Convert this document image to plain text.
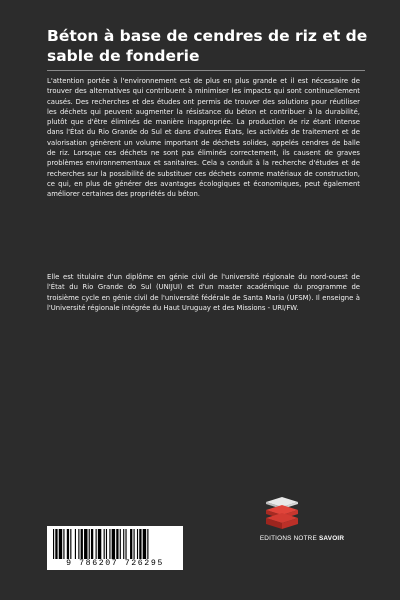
Béton à base de cendres de riz et de sable de fonderie

L'attention portée à l'environnement est de plus en plus grande et il est nécessaire de trouver des alternatives qui contribuent à minimiser les impacts qui sont continuellement causés. Des recherches et des études ont permis de trouver des solutions pour réutiliser les déchets qui peuvent augmenter la résistance du béton et contribuer à la durabilité, plutôt que d'être éliminés de manière inappropriée. La production de riz étant intense dans l'État du Rio Grande do Sul et dans d'autres États, les activités de traitement et de valorisation génèrent un volume important de déchets solides, appelés cendres de balle de riz. Lorsque ces déchets ne sont pas éliminés correctement, ils causent de graves problèmes environnementaux et sanitaires. Cela a conduit à la recherche d'études et de recherches sur la possibilité de substituer ces déchets comme matériaux de construction, ce qui, en plus de générer des avantages écologiques et économiques, peut également améliorer certaines des propriétés du béton.

Elle est titulaire d'un diplôme en génie civil de l'université régionale du nord-ouest de l'État du Rio Grande do Sul (UNIJUI) et d'un master académique du programme de troisième cycle en génie civil de l'université fédérale de Santa Maria (UFSM). Il enseigne à l'Université régionale intégrée du Haut Uruguay et des Missions - URI/FW.

EDITIONS NOTRE SAVOIR
9 786207 726295
